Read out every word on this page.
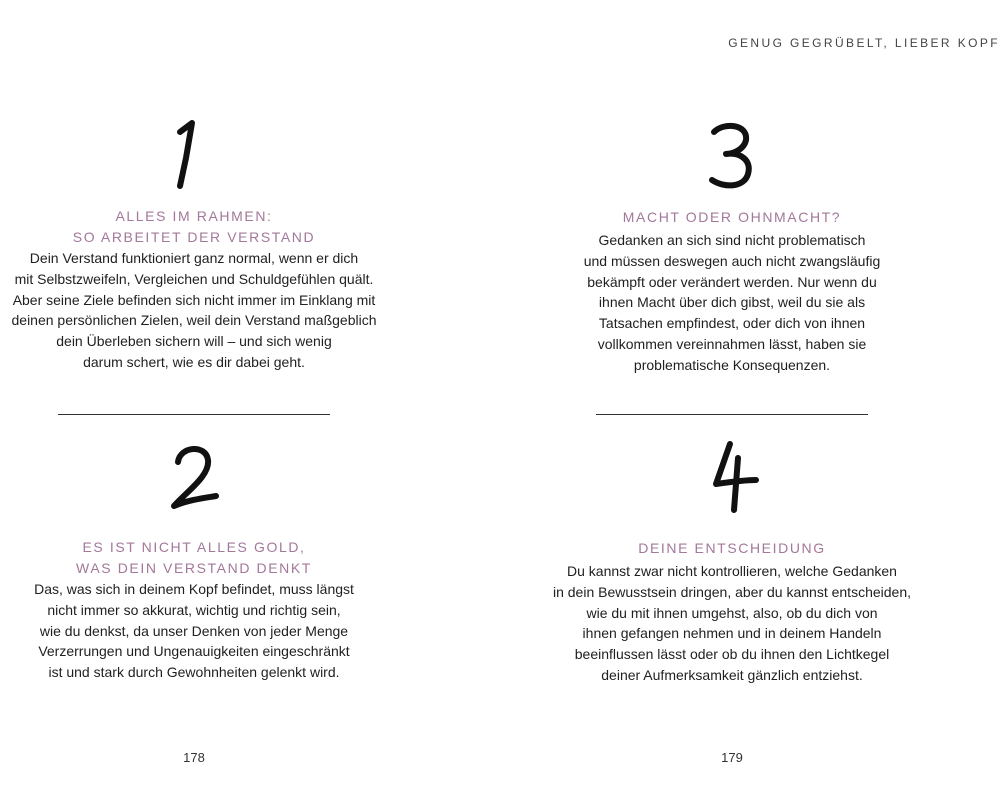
ALLES IM RAHMEN:
SO ARBEITET DER VERSTAND
Dein Verstand funktioniert ganz normal, wenn er dich
mit Selbstzweifeln, Vergleichen und Schuldgefühlen quält.
Aber seine Ziele befinden sich nicht immer im Einklang mit
deinen persönlichen Zielen, weil dein Verstand maßgeblich
dein Überleben sichern will – und sich wenig
darum schert, wie es dir dabei geht.
ES IST NICHT ALLES GOLD,
WAS DEIN VERSTAND DENKT
Das, was sich in deinem Kopf befindet, muss längst
nicht immer so akkurat, wichtig und richtig sein,
wie du denkst, da unser Denken von jeder Menge
Verzerrungen und Ungenauigkeiten eingeschränkt
ist und stark durch Gewohnheiten gelenkt wird.
178
GENUG GEGRÜBELT, LIEBER KOPF
MACHT ODER OHNMACHT?
Gedanken an sich sind nicht problematisch
und müssen deswegen auch nicht zwangsläufig
bekämpft oder verändert werden. Nur wenn du
ihnen Macht über dich gibst, weil du sie als
Tatsachen empfindest, oder dich von ihnen
vollkommen vereinnahmen lässt, haben sie
problematische Konsequenzen.
DEINE ENTSCHEIDUNG
Du kannst zwar nicht kontrollieren, welche Gedanken
in dein Bewusstsein dringen, aber du kannst entscheiden,
wie du mit ihnen umgehst, also, ob du dich von
ihnen gefangen nehmen und in deinem Handeln
beeinflussen lässt oder ob du ihnen den Lichtkegel
deiner Aufmerksamkeit gänzlich entziehst.
179
